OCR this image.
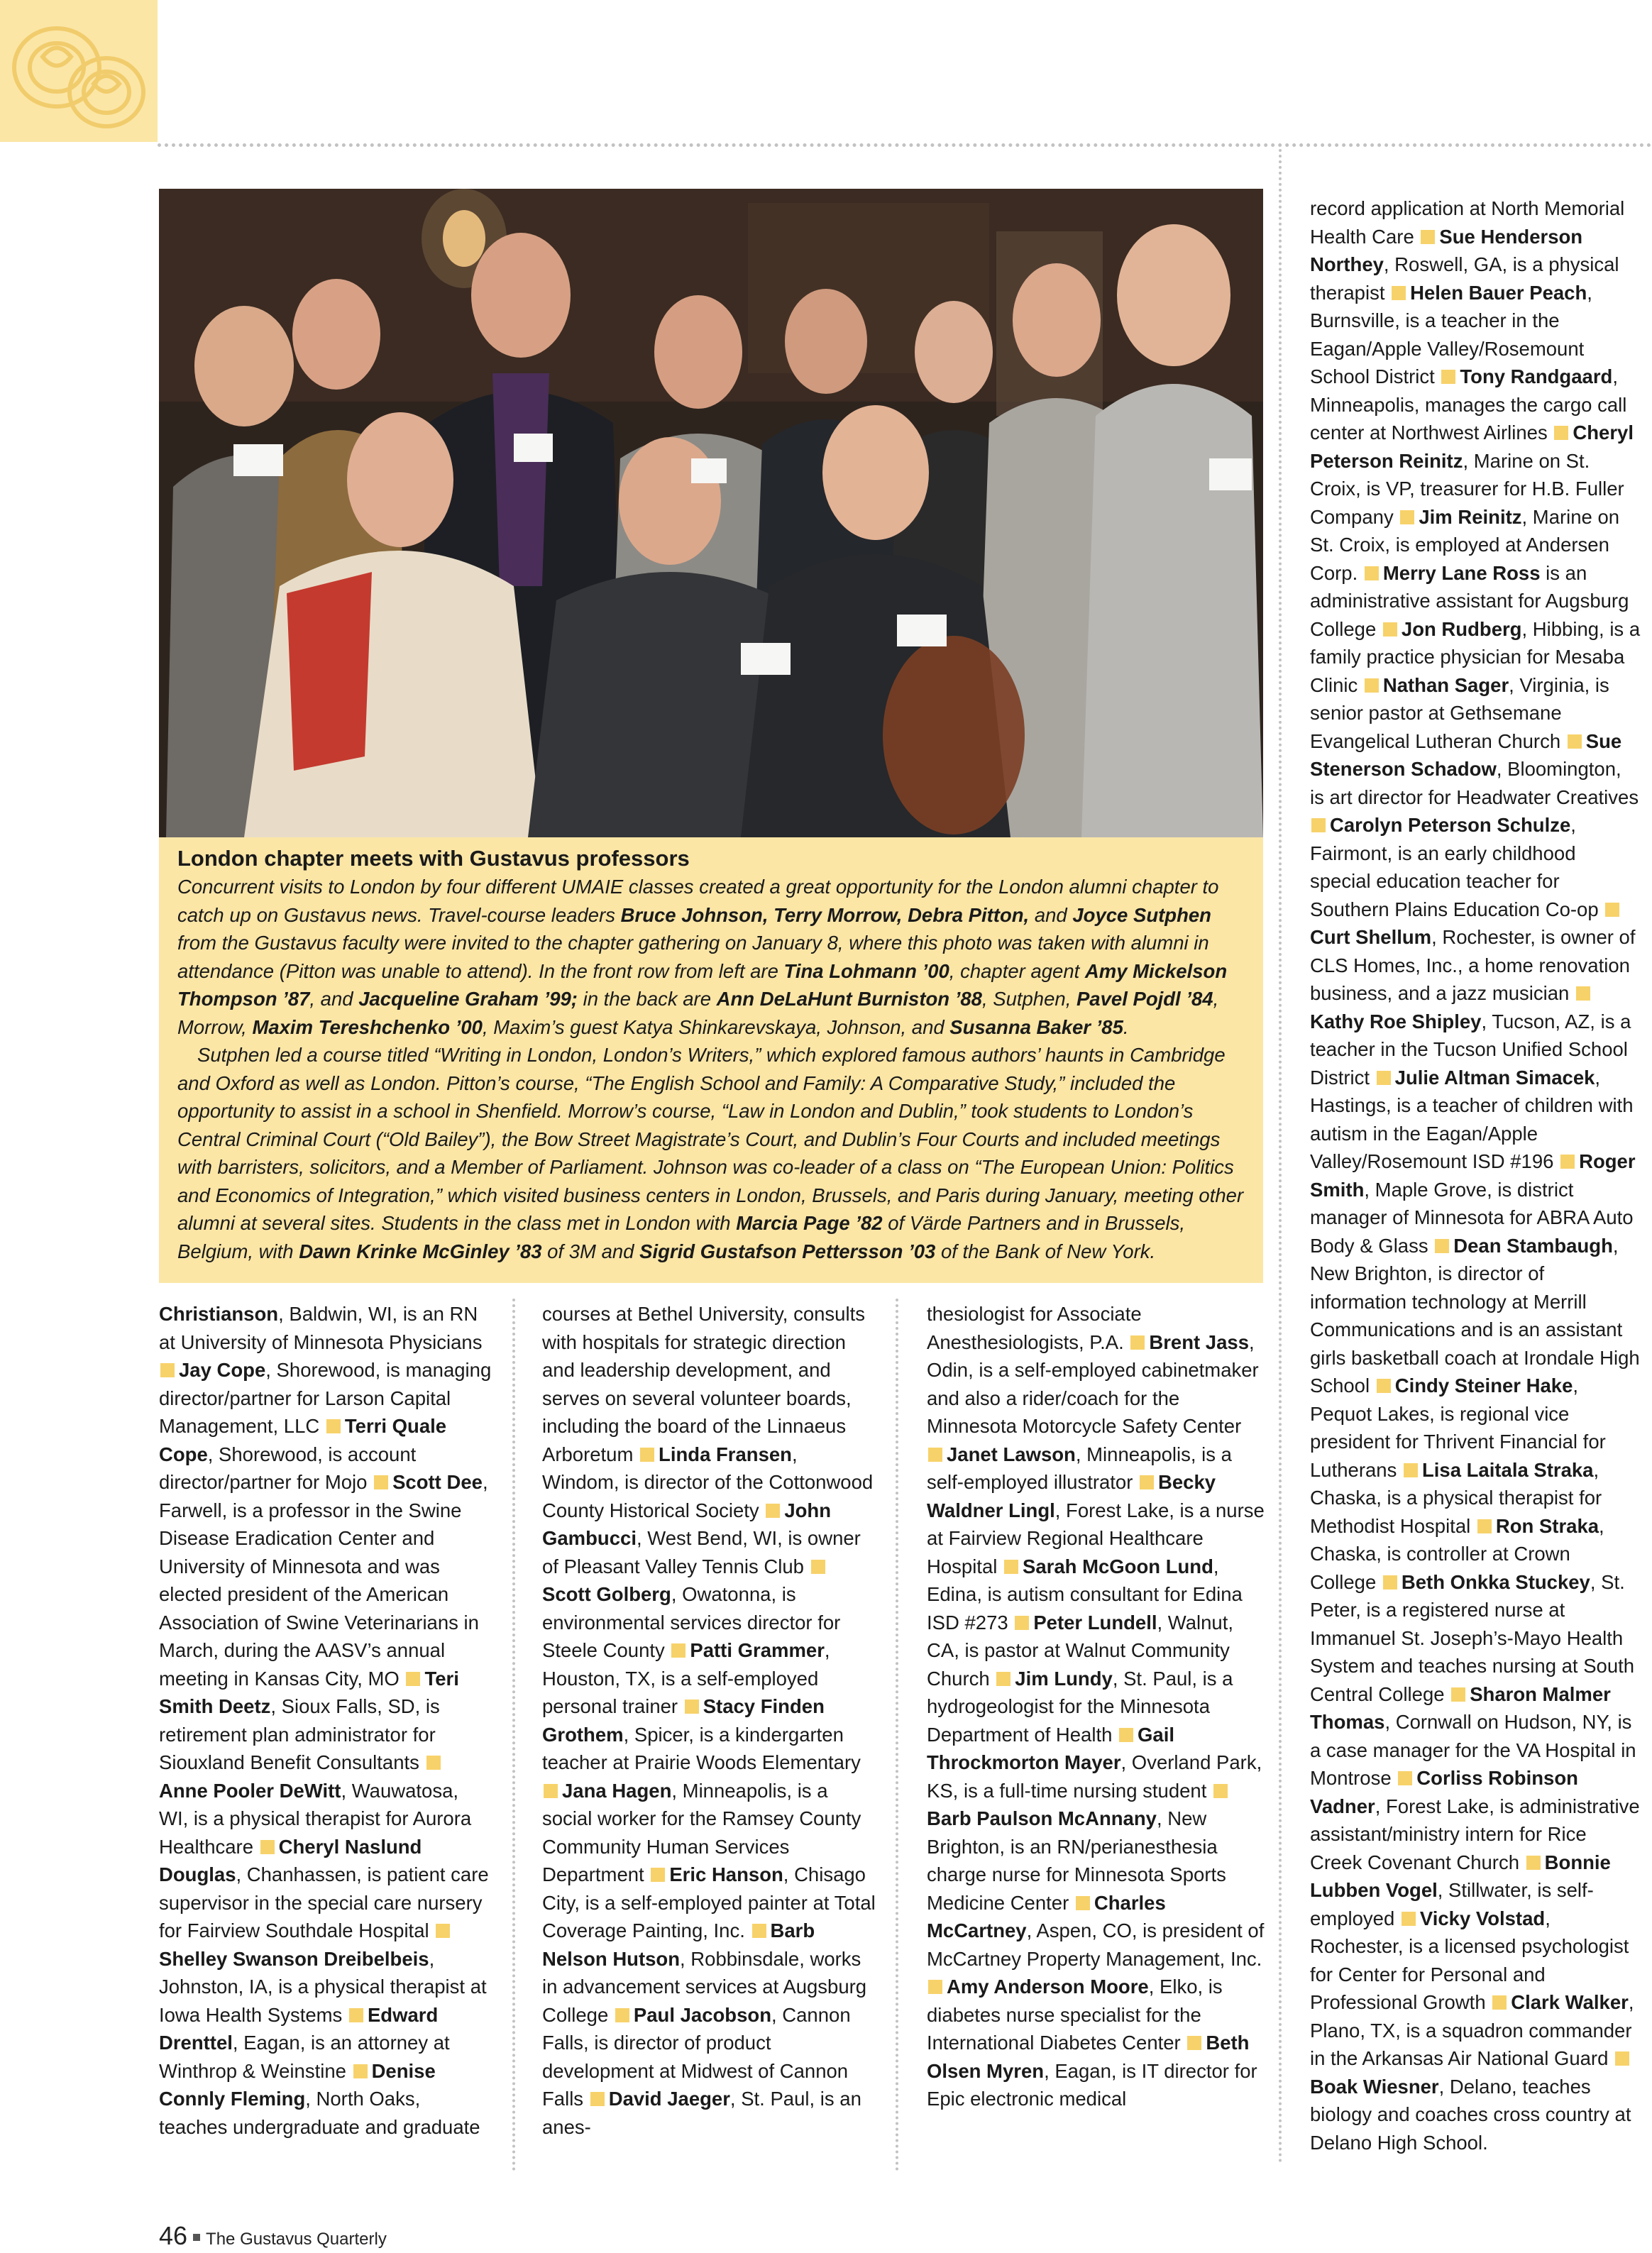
London chapter meets with Gustavus professors

Concurrent visits to London by four different UMAIE classes created a great opportunity for the London alumni chapter to catch up on Gustavus news. Travel-course leaders Bruce Johnson, Terry Morrow, Debra Pitton, and Joyce Sutphen from the Gustavus faculty were invited to the chapter gathering on January 8, where this photo was taken with alumni in attendance (Pitton was unable to attend). In the front row from left are Tina Lohmann ’00, chapter agent Amy Mickelson Thompson ’87, and Jacqueline Graham ’99; in the back are Ann DeLaHunt Burniston ’88, Sutphen, Pavel Pojdl ’84, Morrow, Maxim Tereshchenko ’00, Maxim’s guest Katya Shinkarevskaya, Johnson, and Susanna Baker ’85.

Sutphen led a course titled “Writing in London, London’s Writers,” which explored famous authors’ haunts in Cambridge and Oxford as well as London. Pitton’s course, “The English School and Family: A Comparative Study,” included the opportunity to assist in a school in Shenfield. Morrow’s course, “Law in London and Dublin,” took students to London’s Central Criminal Court (“Old Bailey”), the Bow Street Magistrate’s Court, and Dublin’s Four Courts and included meetings with barristers, solicitors, and a Member of Parliament. Johnson was co-leader of a class on “The European Union: Politics and Economics of Integration,” which visited business centers in London, Brussels, and Paris during January, meeting other alumni at several sites. Students in the class met in London with Marcia Page ’82 of Värde Partners and in Brussels, Belgium, with Dawn Krinke McGinley ’83 of 3M and Sigrid Gustafson Pettersson ’03 of the Bank of New York.

Christianson, Baldwin, WI, is an RN at University of Minnesota Physicians Jay Cope, Shorewood, is managing director/partner for Larson Capital Management, LLC Terri Quale Cope, Shorewood, is account director/partner for Mojo Scott Dee, Farwell, is a professor in the Swine Disease Eradication Center and University of Minnesota and was elected president of the American Association of Swine Veterinarians in March, during the AASV’s annual meeting in Kansas City, MO Teri Smith Deetz, Sioux Falls, SD, is retirement plan administrator for Siouxland Benefit Consultants Anne Pooler DeWitt, Wauwatosa, WI, is a physical therapist for Aurora Healthcare Cheryl Naslund Douglas, Chanhassen, is patient care supervisor in the special care nursery for Fairview Southdale Hospital Shelley Swanson Dreibelbeis, Johnston, IA, is a physical therapist at Iowa Health Systems Edward Drenttel, Eagan, is an attorney at Winthrop & Weinstine Denise Connly Fleming, North Oaks, teaches undergraduate and graduate

courses at Bethel University, consults with hospitals for strategic direction and leadership development, and serves on several volunteer boards, including the board of the Linnaeus Arboretum Linda Fransen, Windom, is director of the Cottonwood County Historical Society John Gambucci, West Bend, WI, is owner of Pleasant Valley Tennis Club Scott Golberg, Owatonna, is environmental services director for Steele County Patti Grammer, Houston, TX, is a self-employed personal trainer Stacy Finden Grothem, Spicer, is a kindergarten teacher at Prairie Woods Elementary Jana Hagen, Minneapolis, is a social worker for the Ramsey County Community Human Services Department Eric Hanson, Chisago City, is a self-employed painter at Total Coverage Painting, Inc. Barb Nelson Hutson, Robbinsdale, works in advancement services at Augsburg College Paul Jacobson, Cannon Falls, is director of product development at Midwest of Cannon Falls David Jaeger, St. Paul, is an anes-

thesiologist for Associate Anesthesiologists, P.A. Brent Jass, Odin, is a self-employed cabinetmaker and also a rider/coach for the Minnesota Motorcycle Safety Center Janet Lawson, Minneapolis, is a self-employed illustrator Becky Waldner Lingl, Forest Lake, is a nurse at Fairview Regional Healthcare Hospital Sarah McGoon Lund, Edina, is autism consultant for Edina ISD #273 Peter Lundell, Walnut, CA, is pastor at Walnut Community Church Jim Lundy, St. Paul, is a hydrogeologist for the Minnesota Department of Health Gail Throckmorton Mayer, Overland Park, KS, is a full-time nursing student Barb Paulson McAnnany, New Brighton, is an RN/perianesthesia charge nurse for Minnesota Sports Medicine Center Charles McCartney, Aspen, CO, is president of McCartney Property Management, Inc. Amy Anderson Moore, Elko, is diabetes nurse specialist for the International Diabetes Center Beth Olsen Myren, Eagan, is IT director for Epic electronic medical

record application at North Memorial Health Care Sue Henderson Northey, Roswell, GA, is a physical therapist Helen Bauer Peach, Burnsville, is a teacher in the Eagan/Apple Valley/Rosemount School District Tony Randgaard, Minneapolis, manages the cargo call center at Northwest Airlines Cheryl Peterson Reinitz, Marine on St. Croix, is VP, treasurer for H.B. Fuller Company Jim Reinitz, Marine on St. Croix, is employed at Andersen Corp. Merry Lane Ross is an administrative assistant for Augsburg College Jon Rudberg, Hibbing, is a family practice physician for Mesaba Clinic Nathan Sager, Virginia, is senior pastor at Gethsemane Evangelical Lutheran Church Sue Stenerson Schadow, Bloomington, is art director for Headwater Creatives Carolyn Peterson Schulze, Fairmont, is an early childhood special education teacher for Southern Plains Education Co-op Curt Shellum, Rochester, is owner of CLS Homes, Inc., a home renovation business, and a jazz musician Kathy Roe Shipley, Tucson, AZ, is a teacher in the Tucson Unified School District Julie Altman Simacek, Hastings, is a teacher of children with autism in the Eagan/Apple Valley/Rosemount ISD #196 Roger Smith, Maple Grove, is district manager of Minnesota for ABRA Auto Body & Glass Dean Stambaugh, New Brighton, is director of information technology at Merrill Communications and is an assistant girls basketball coach at Irondale High School Cindy Steiner Hake, Pequot Lakes, is regional vice president for Thrivent Financial for Lutherans Lisa Laitala Straka, Chaska, is a physical therapist for Methodist Hospital Ron Straka, Chaska, is controller at Crown College Beth Onkka Stuckey, St. Peter, is a registered nurse at Immanuel St. Joseph’s-Mayo Health System and teaches nursing at South Central College Sharon Malmer Thomas, Cornwall on Hudson, NY, is a case manager for the VA Hospital in Montrose Corliss Robinson Vadner, Forest Lake, is administrative assistant/ministry intern for Rice Creek Covenant Church Bonnie Lubben Vogel, Stillwater, is self-employed Vicky Volstad, Rochester, is a licensed psychologist for Center for Personal and Professional Growth Clark Walker, Plano, TX, is a squadron commander in the Arkansas Air National Guard Boak Wiesner, Delano, teaches biology and coaches cross country at Delano High School.

46 The Gustavus Quarterly
